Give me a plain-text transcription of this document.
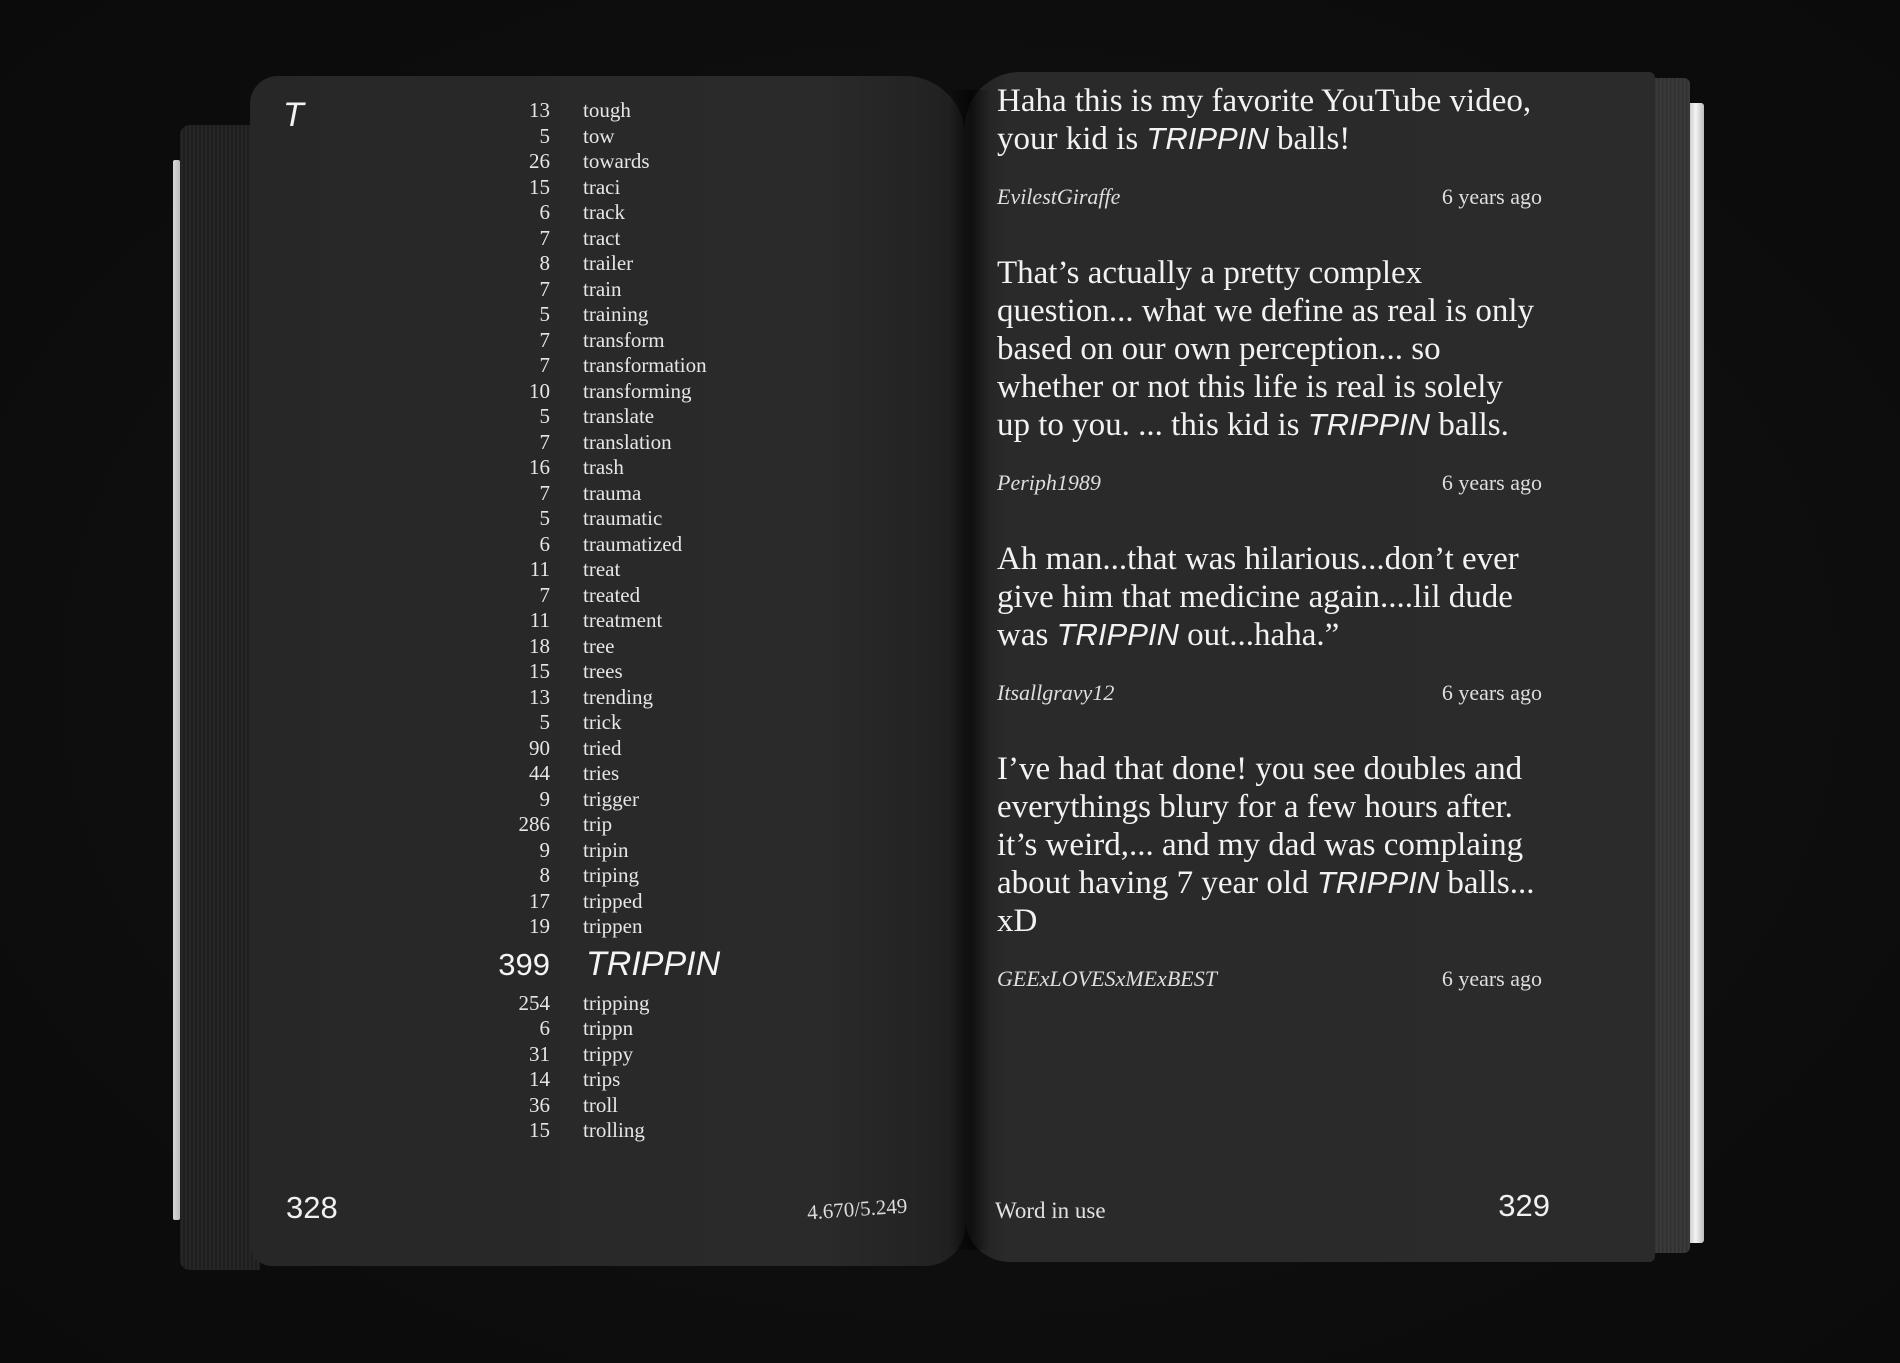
T	13 tough
5 tow
26 towards
15 traci
6 track
7 tract
8 trailer
7 train
5 training
7 transform
7 transformation
10 transforming
5 translate
7 translation
16 trash
7 trauma
5 traumatic
6 traumatized
11 treat
7 treated
11 treatment
18 tree
15 trees
13 trending
5 trick
90 tried
44 tries
9 trigger
286 trip
9 tripin
8 triping
17 tripped
19 trippen
399 TRIPPIN
254 tripping
6 trippn
31 trippy
14 trips
36 troll
15 trolling
328	4.670/5.249

Haha this is my favorite YouTube video, your kid is TRIPPIN balls!

EvilestGiraffe	6 years ago

That’s actually a pretty complex question... what we define as real is only based on our own perception... so whether or not this life is real is solely up to you. ... this kid is TRIPPIN balls.

Periph1989	6 years ago

Ah man...that was hilarious...don’t ever give him that medicine again....lil dude was TRIPPIN out...haha.”

Itsallgravy12	6 years ago

I’ve had that done! you see doubles and everythings blury for a few hours after. it’s weird,... and my dad was complaing about having 7 year old TRIPPIN balls... xD

GEExLOVESxMExBEST	6 years ago
Word in use	329
